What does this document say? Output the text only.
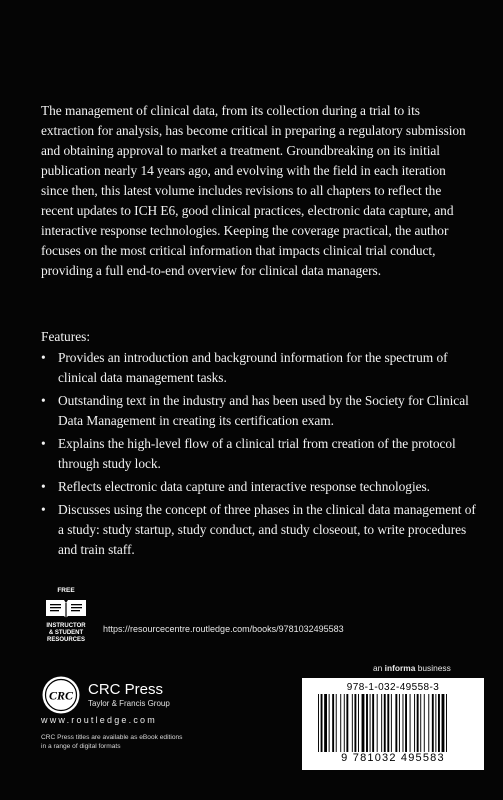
The management of clinical data, from its collection during a trial to its extraction for analysis, has become critical in preparing a regulatory submission and obtaining approval to market a treatment. Groundbreaking on its initial publication nearly 14 years ago, and evolving with the field in each iteration since then, this latest volume includes revisions to all chapters to reflect the recent updates to ICH E6, good clinical practices, electronic data capture, and interactive response technologies. Keeping the coverage practical, the author focuses on the most critical information that impacts clinical trial conduct, providing a full end-to-end overview for clinical data managers.

Features:
• Provides an introduction and background information for the spectrum of clinical data management tasks.
• Outstanding text in the industry and has been used by the Society for Clinical Data Management in creating its certification exam.
• Explains the high-level flow of a clinical trial from creation of the protocol through study lock.
• Reflects electronic data capture and interactive response technologies.
• Discusses using the concept of three phases in the clinical data management of a study: study startup, study conduct, and study closeout, to write procedures and train staff.
FREE
INSTRUCTOR
& STUDENT
RESOURCES
https://resourcecentre.routledge.com/books/9781032495583
an informa business
CRC CRC Press
Taylor & Francis Group
www.routledge.com
CRC Press titles are available as eBook editions
in a range of digital formats
978-1-032-49558-3
9 781032 495583
